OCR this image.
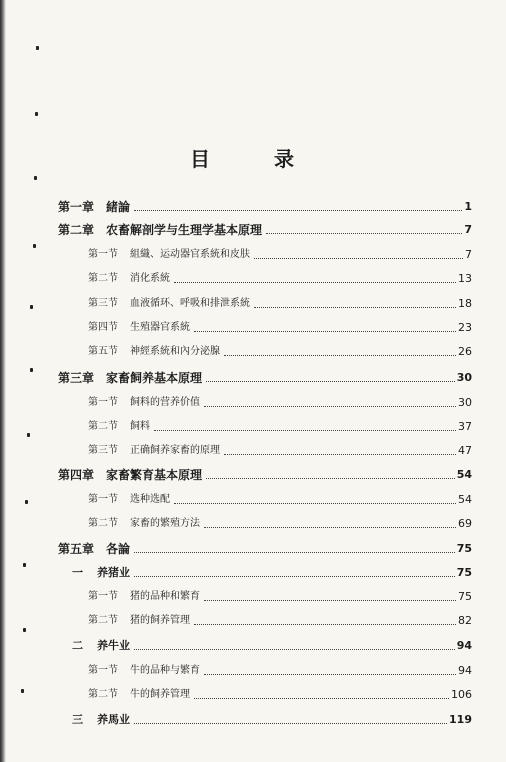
目　录
第一章 緒論	1
第二章 农畜解剖学与生理学基本原理	7
第一节 組織、运动器官系統和皮肤	7
第二节 消化系統	13
第三节 血液循环、呼吸和排泄系統	18
第四节 生殖器官系統	23
第五节 神經系統和內分泌腺	26
第三章 家畜飼养基本原理	30
第一节 飼料的营养价值	30
第二节 飼料	37
第三节 正确飼养家畜的原理	47
第四章 家畜繁育基本原理	54
第一节 选种选配	54
第二节 家畜的繁殖方法	69
第五章 各論	75
一 养猪业	75
第一节 猪的品种和繁育	75
第二节 猪的飼养管理	82
二 养牛业	94
第一节 牛的品种与繁育	94
第二节 牛的飼养管理	106
三 养馬业	119
